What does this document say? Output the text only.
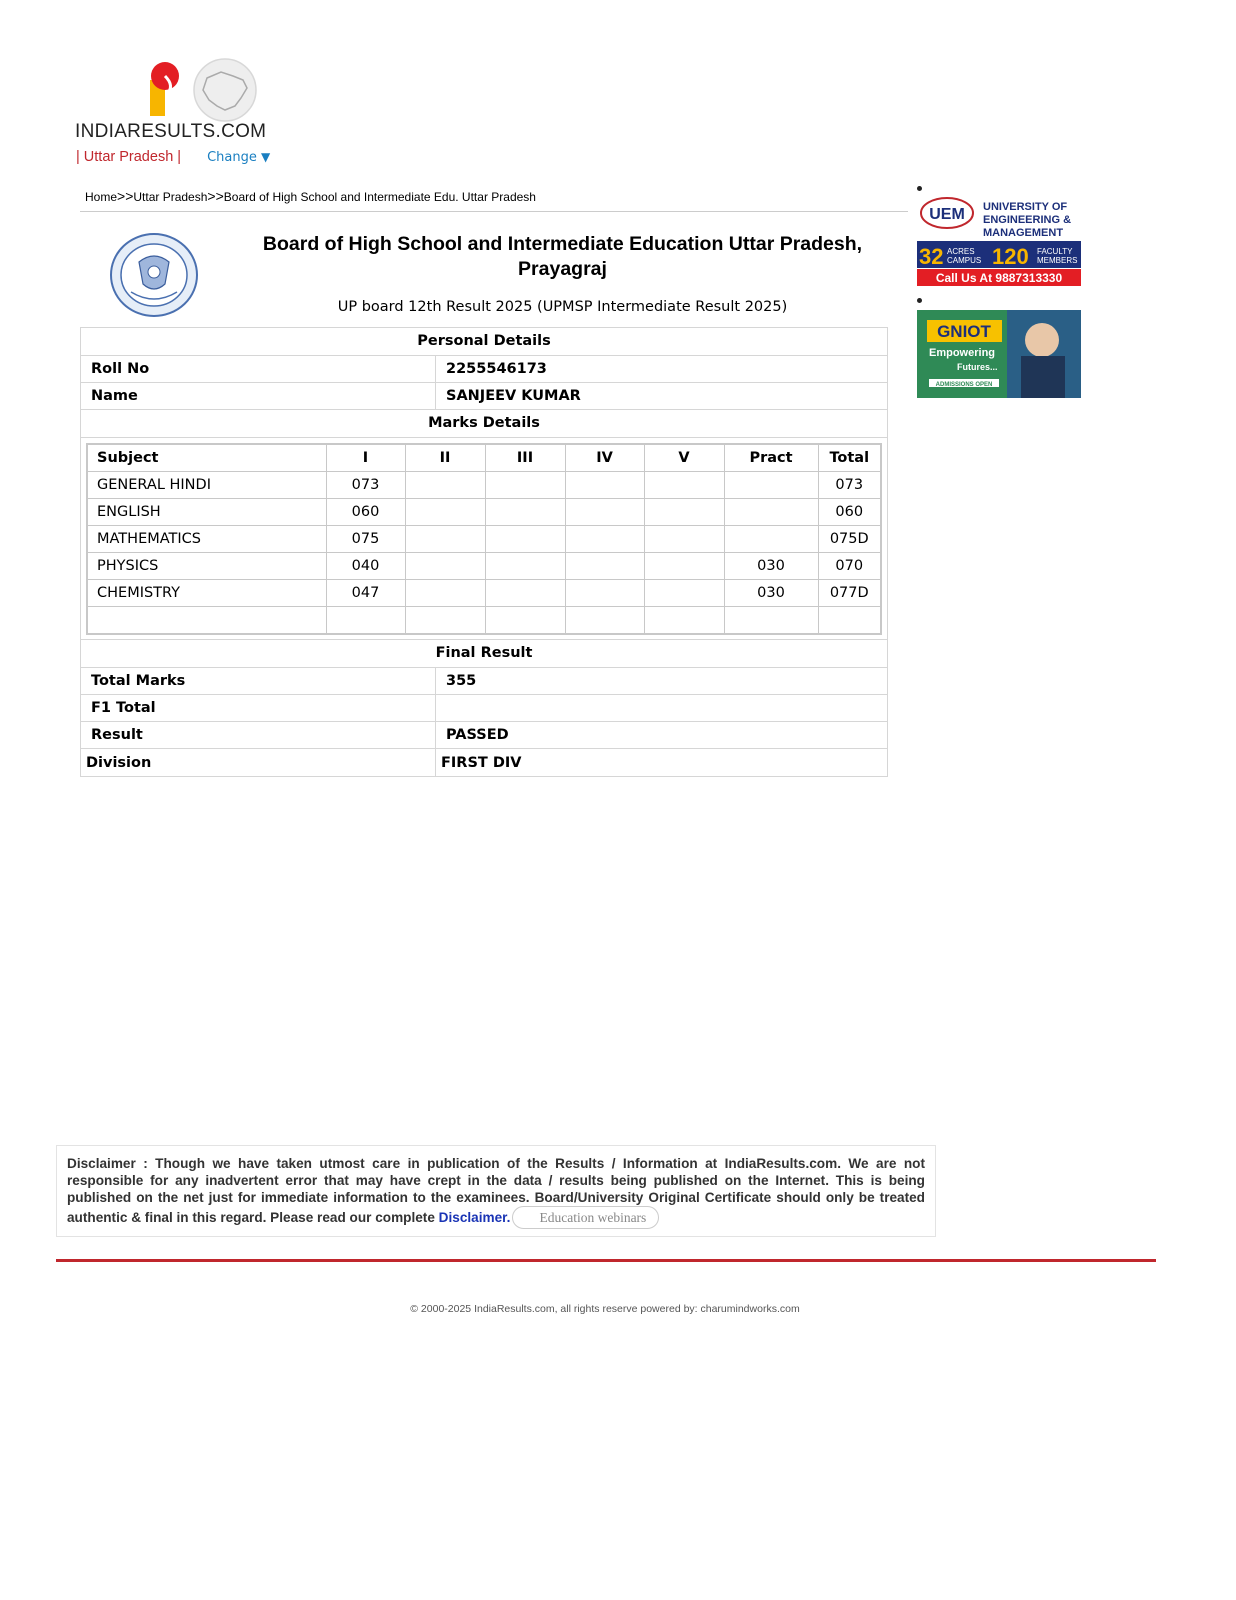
INDIARESULTS.COM
| Uttar Pradesh | Change ▼
Home>>Uttar Pradesh>>Board of High School and Intermediate Edu. Uttar Pradesh
Board of High School and Intermediate Education Uttar Pradesh, Prayagraj
UP board 12th Result 2025 (UPMSP Intermediate Result 2025)
Personal Details
Roll No	2255546173
Name	SANJEEV KUMAR
Marks Details
Subject	I	II	III	IV	V	Pract	Total
GENERAL HINDI	073						073
ENGLISH	060						060
MATHEMATICS	075						075D
PHYSICS	040					030	070
CHEMISTRY	047					030	077D

Final Result
Total Marks	355
F1 Total
Result	PASSED
Division	FIRST DIV
UEM UNIVERSITY OF
ENGINEERING &
MANAGEMENT
32 ACRES
CAMPUS 120 FACULTY
MEMBERS
Call Us At 9887313330
GNIOT
Empowering
Futures...
ADMISSIONS OPEN
Disclaimer : Though we have taken utmost care in publication of the Results / Information at IndiaResults.com. We are not responsible for any inadvertent error that may have crept in the data / results being published on the Internet. This is being published on the net just for immediate information to the examinees. Board/University Original Certificate should only be treated authentic & final in this regard. Please read our complete Disclaimer. Education webinars
© 2000-2025 IndiaResults.com, all rights reserve powered by: charumindworks.com
